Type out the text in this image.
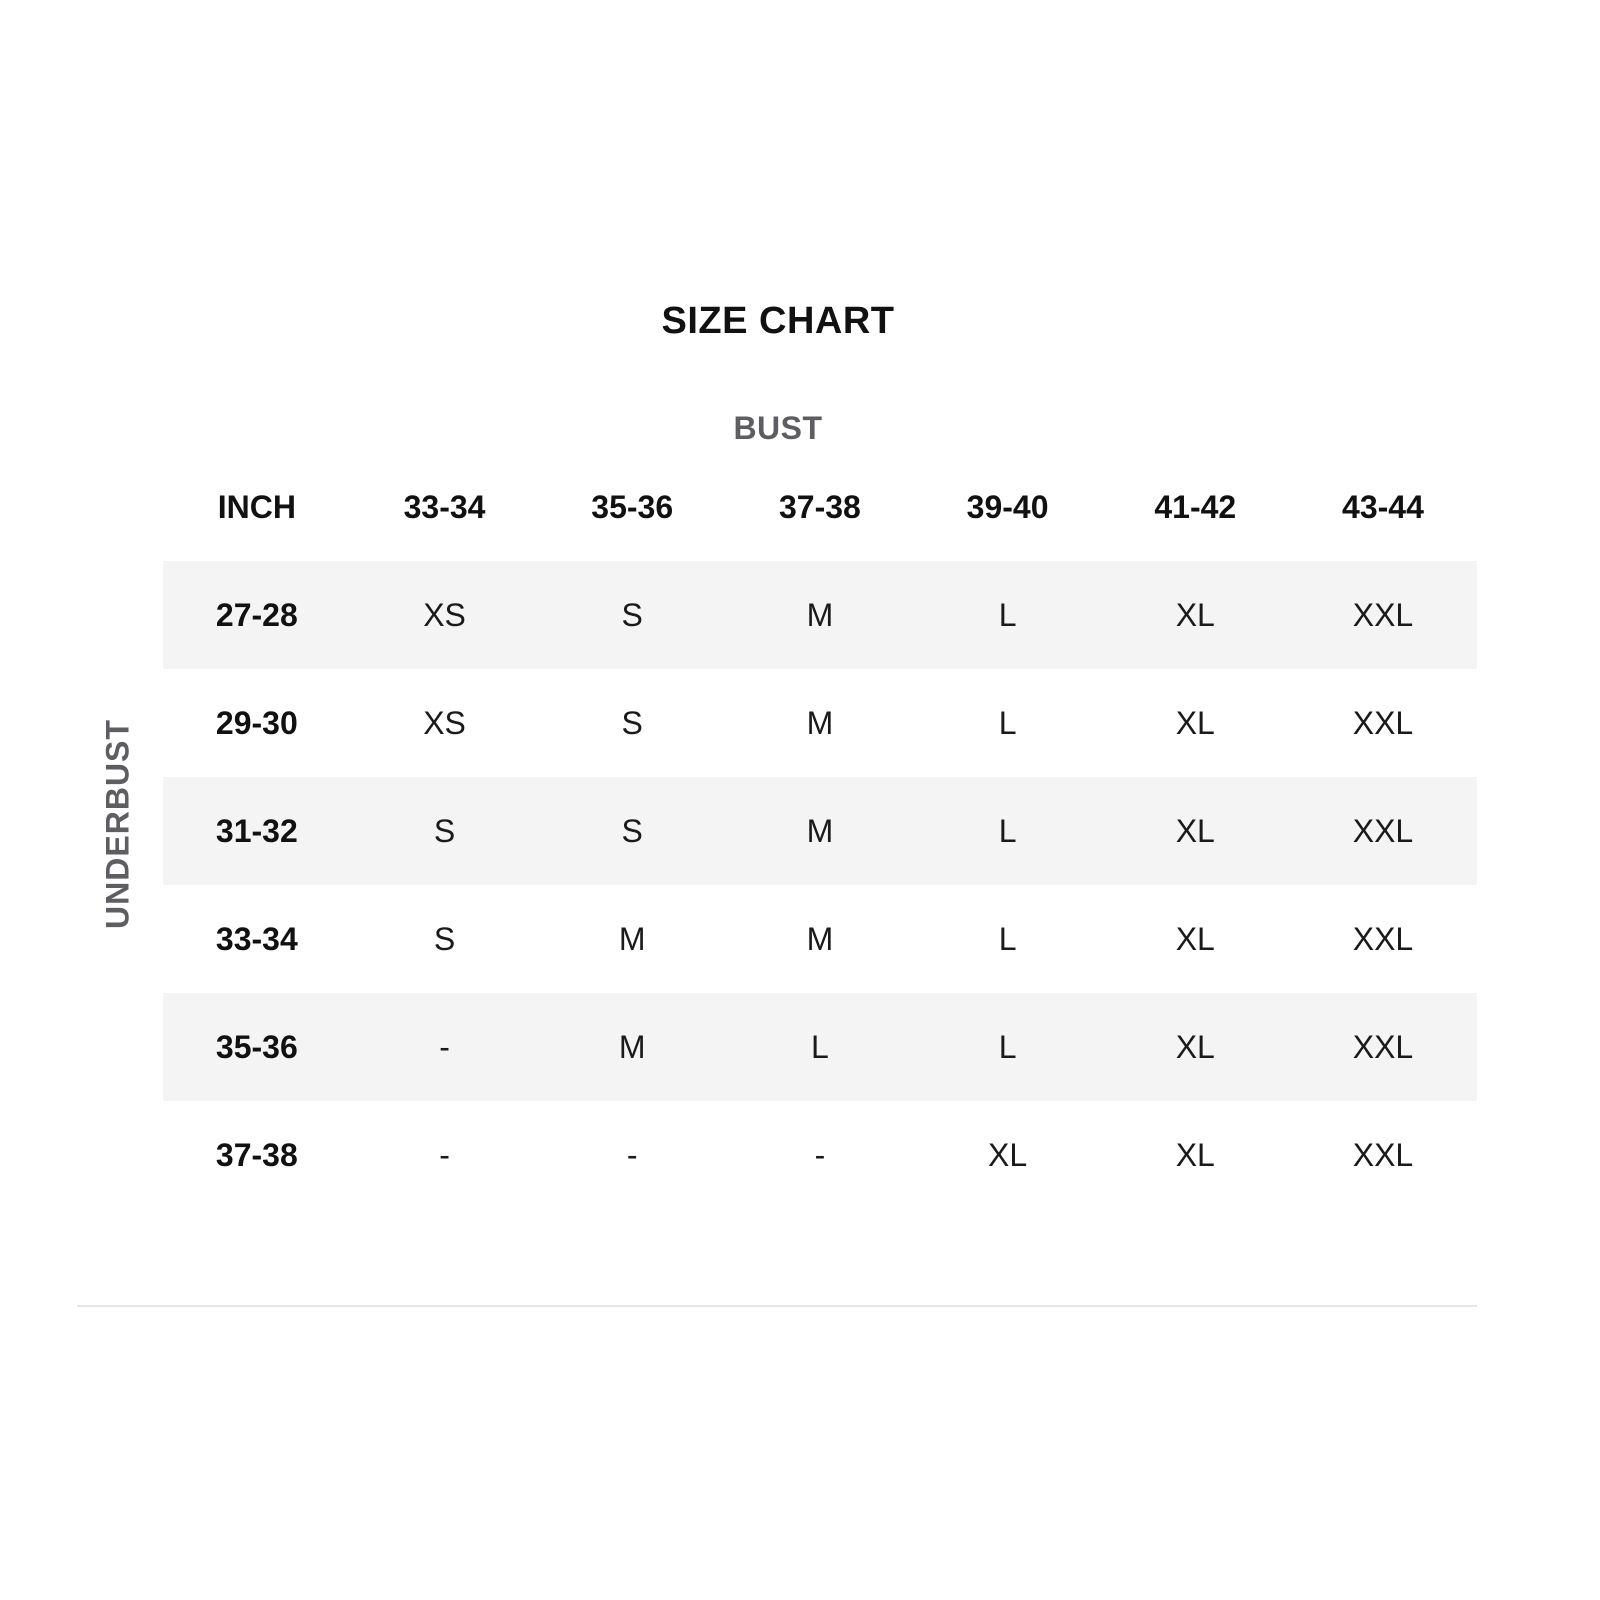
SIZE CHART
BUST
UNDERBUST
INCH	33-34	35-36	37-38	39-40	41-42	43-44
27-28	XS	S	M	L	XL	XXL
29-30	XS	S	M	L	XL	XXL
31-32	S	S	M	L	XL	XXL
33-34	S	M	M	L	XL	XXL
35-36	-	M	L	L	XL	XXL
37-38	-	-	-	XL	XL	XXL
